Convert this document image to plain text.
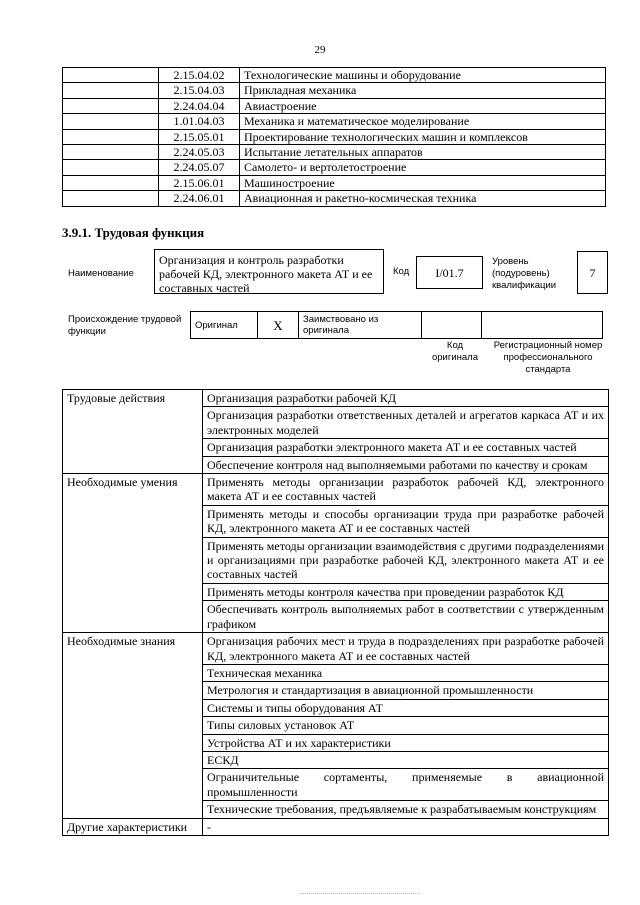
29
	2.15.04.02	Технологические машины и оборудование
	2.15.04.03	Прикладная механика
	2.24.04.04	Авиастроение
	1.01.04.03	Механика и математическое моделирование
	2.15.05.01	Проектирование технологических машин и комплексов
	2.24.05.03	Испытание летательных аппаратов
	2.24.05.07	Самолето- и вертолетостроение
	2.15.06.01	Машиностроение
	2.24.06.01	Авиационная и ракетно-космическая техника
3.9.1. Трудовая функция
Наименование
Организация и контроль разработки рабочей КД, электронного макета АТ и ее составных частей
Код	I/01.7
Уровень (подуровень) квалификации
7
Происхождение трудовой функции
Оригинал	X	Заимствовано из оригинала		
Код оригинала
Регистрационный номер профессионального стандарта
Трудовые действия	Организация разработки рабочей КД
	Организация разработки ответственных деталей и агрегатов каркаса АТ и их электронных моделей
	Организация разработки электронного макета АТ и ее составных частей
	Обеспечение контроля над выполняемыми работами по качеству и срокам
Необходимые умения	Применять методы организации разработок рабочей КД, электронного макета АТ и ее составных частей
	Применять методы и способы организации труда при разработке рабочей КД, электронного макета АТ и ее составных частей
	Применять методы организации взаимодействия с другими подразделениями и организациями при разработке рабочей КД, электронного макета АТ и ее составных частей
	Применять методы контроля качества при проведении разработок КД
	Обеспечивать контроль выполняемых работ в соответствии с утвержденным графиком
Необходимые знания	Организация рабочих мест и труда в подразделениях при разработке рабочей КД, электронного макета АТ и ее составных частей
	Техническая механика
	Метрология и стандартизация в авиационной промышленности
	Системы и типы оборудования АТ
	Типы силовых установок АТ
	Устройства АТ и их характеристики
	ЕСКД
	Ограничительные сортаменты, применяемые в авиационной промышленности
	Технические требования, предъявляемые к разрабатываемым конструкциям
Другие характеристики	-
